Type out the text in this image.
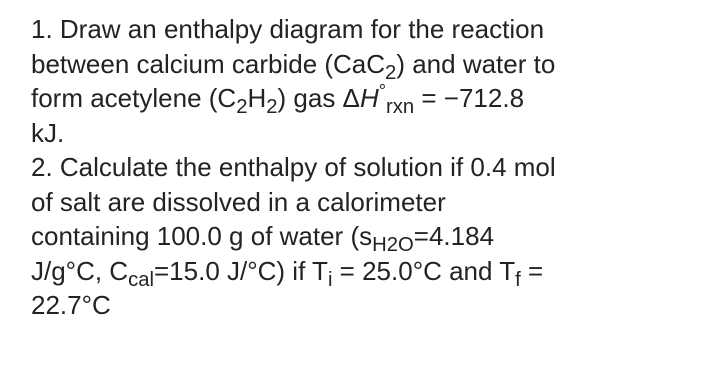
1. Draw an enthalpy diagram for the reaction
between calcium carbide (CaC$_2$) and water to
form acetylene $(C_2H_2)$ gas $\Delta H^\circ_{rxn} = -712.8$
kJ.
2. Calculate the enthalpy of solution if 0.4 mol
of salt are dissolved in a calorimeter
containing 100.0 g of water ($s_{H2O}=4.184$
J/g°C, $C_{cal}=15.0$ J/°C) if $T_i = 25.0^\circ C$ and $T_f$ =
22.7°C
